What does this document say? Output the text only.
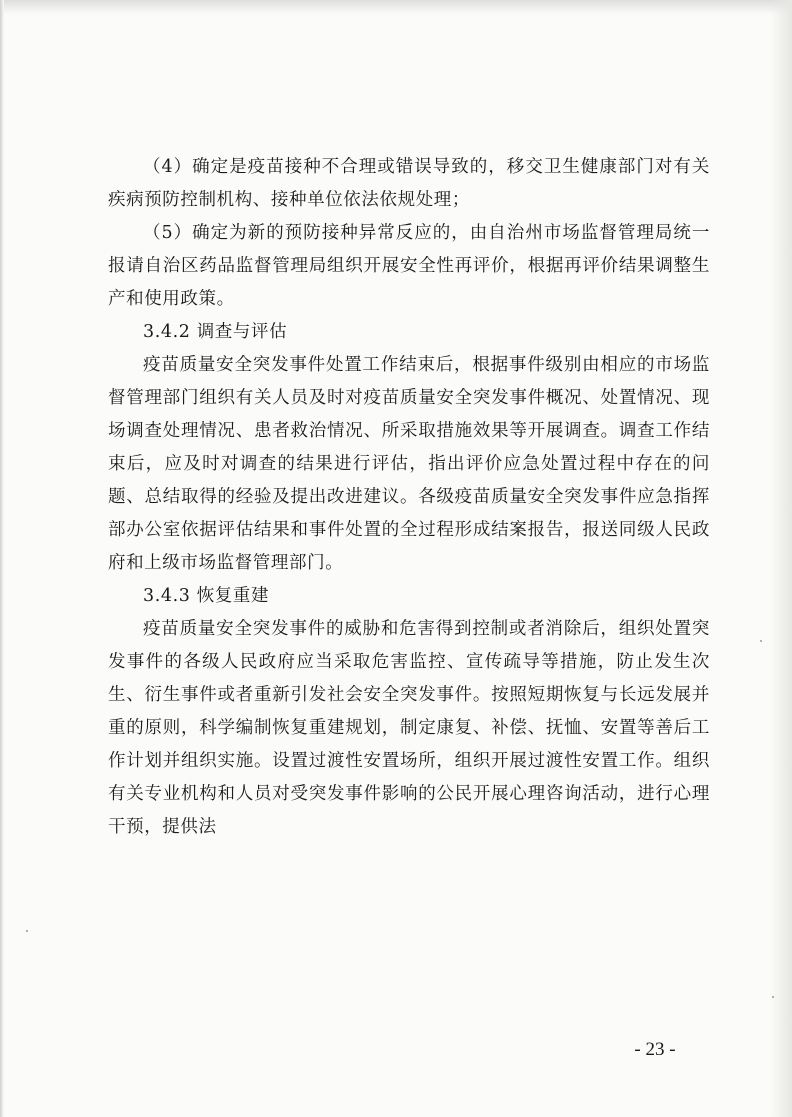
（4）确定是疫苗接种不合理或错误导致的，移交卫生健康部门对有关疾病预防控制机构、接种单位依法依规处理；

（5）确定为新的预防接种异常反应的，由自治州市场监督管理局统一报请自治区药品监督管理局组织开展安全性再评价，根据再评价结果调整生产和使用政策。

3.4.2 调查与评估

疫苗质量安全突发事件处置工作结束后，根据事件级别由相应的市场监督管理部门组织有关人员及时对疫苗质量安全突发事件概况、处置情况、现场调查处理情况、患者救治情况、所采取措施效果等开展调查。调查工作结束后，应及时对调查的结果进行评估，指出评价应急处置过程中存在的问题、总结取得的经验及提出改进建议。各级疫苗质量安全突发事件应急指挥部办公室依据评估结果和事件处置的全过程形成结案报告，报送同级人民政府和上级市场监督管理部门。

3.4.3 恢复重建

疫苗质量安全突发事件的威胁和危害得到控制或者消除后，组织处置突发事件的各级人民政府应当采取危害监控、宣传疏导等措施，防止发生次生、衍生事件或者重新引发社会安全突发事件。按照短期恢复与长远发展并重的原则，科学编制恢复重建规划，制定康复、补偿、抚恤、安置等善后工作计划并组织实施。设置过渡性安置场所，组织开展过渡性安置工作。组织有关专业机构和人员对受突发事件影响的公民开展心理咨询活动，进行心理干预，提供法

- 23 -
